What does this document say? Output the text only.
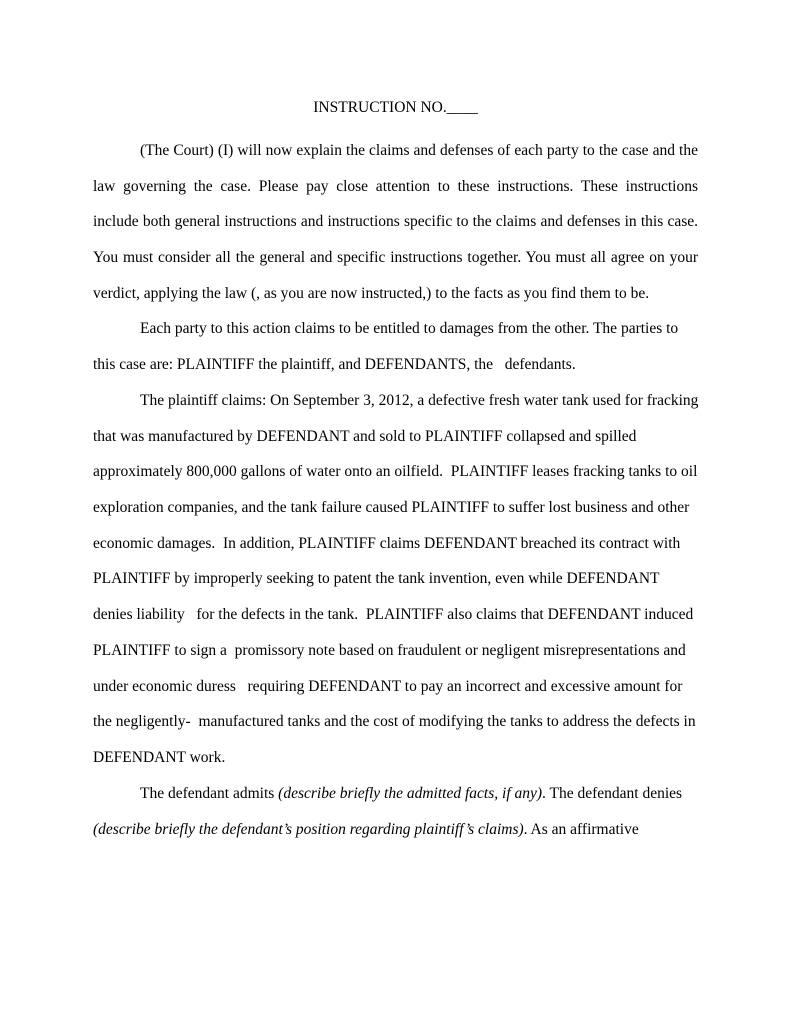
INSTRUCTION NO.____
(The Court) (I) will now explain the claims and defenses of each party to the case and the
law governing the case. Please pay close attention to these instructions. These instructions
include both general instructions and instructions specific to the claims and defenses in this case.
You must consider all the general and specific instructions together. You must all agree on your
verdict, applying the law (, as you are now instructed,) to the facts as you find them to be.
Each party to this action claims to be entitled to damages from the other. The parties to
this case are: PLAINTIFF the plaintiff, and DEFENDANTS, the   defendants.
The plaintiff claims: On September 3, 2012, a defective fresh water tank used for fracking
that was manufactured by DEFENDANT and sold to PLAINTIFF collapsed and spilled
approximately 800,000 gallons of water onto an oilfield.  PLAINTIFF leases fracking tanks to oil
exploration companies, and the tank failure caused PLAINTIFF to suffer lost business and other
economic damages.  In addition, PLAINTIFF claims DEFENDANT breached its contract with
PLAINTIFF by improperly seeking to patent the tank invention, even while DEFENDANT
denies liability   for the defects in the tank.  PLAINTIFF also claims that DEFENDANT induced
PLAINTIFF to sign a  promissory note based on fraudulent or negligent misrepresentations and
under economic duress   requiring DEFENDANT to pay an incorrect and excessive amount for
the negligently-  manufactured tanks and the cost of modifying the tanks to address the defects in
DEFENDANT work.
The defendant admits (describe briefly the admitted facts, if any). The defendant denies
(describe briefly the defendant’s position regarding plaintiff’s claims). As an affirmative
